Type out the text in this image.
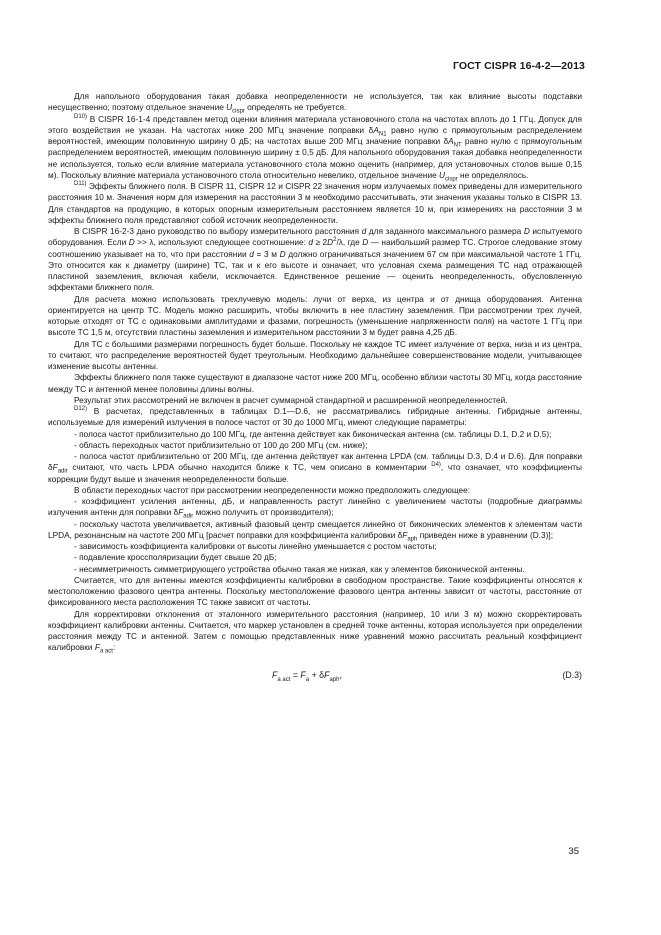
ГОСТ CISPR 16-4-2—2013

Для напольного оборудования такая добавка неопределенности не используется, так как влияние высоты подставки несущественно; поэтому отдельное значение $U_{cispr}$ определять не требуется.

$^{D10)}$ В CISPR 16-1-4 представлен метод оценки влияния материала установочного стола на частотах вплоть до 1 ГГц. Допуск для этого воздействия не указан. На частотах ниже 200 МГц значение поправки $\delta A_{N1}$ равно нулю с прямоугольным распределением вероятностей, имеющим половинную ширину 0 дБ; на частотах выше 200 МГц значение поправки $\delta A_{NT}$ равно нулю с прямоугольным распределением вероятностей, имеющим половинную ширину ± 0,5 дБ. Для напольного оборудования такая добавка неопределенности не используется, только если влияние материала установочного стола можно оценить (например, для установочных столов выше 0,15 м). Поскольку влияние материала установочного стола относительно невелико, отдельное значение $U_{cispr}$ не определялось.

$^{D11)}$ Эффекты ближнего поля. В CISPR 11, CISPR 12 и CISPR 22 значения норм излучаемых помех приведены для измерительного расстояния 10 м. Значения норм для измерения на расстоянии 3 м необходимо рассчитывать, эти значения указаны только в CISPR 13. Для стандартов на продукцию, в которых опорным измерительным расстоянием является 10 м, при измерениях на расстоянии 3 м эффекты ближнего поля представляют собой источник неопределенности.

В CISPR 16-2-3 дано руководство по выбору измерительного расстояния d для заданного максимального размера D испытуемого оборудования. Если D >> λ, используют следующее соотношение: $d \ge 2D^2/\lambda$, где D — наибольший размер ТС. Строгое следование этому соотношению указывает на то, что при расстоянии d = 3 м D должно ограничиваться значением 67 см при максимальной частоте 1 ГГц. Это относится как к диаметру (ширине) ТС, так и к его высоте и означает, что условная схема размещения ТС над отражающей пластиной заземления, включая кабели, исключается. Единственное решение — оценить неопределенность, обусловленную эффектами ближнего поля.

Для расчета можно использовать трехлучевую модель: лучи от верха, из центра и от днища оборудования. Антенна ориентируется на центр ТС. Модель можно расширить, чтобы включить в нее пластину заземления. При рассмотрении трех лучей, которые отходят от ТС с одинаковыми амплитудами и фазами, погрешность (уменьшение напряженности поля) на частоте 1 ГГц при высоте ТС 1,5 м, отсутствии пластины заземления и измерительном расстоянии 3 м будет равна 4,25 дБ.

Для ТС с большими размерами погрешность будет больше. Поскольку не каждое ТС имеет излучение от верха, низа и из центра, то считают, что распределение вероятностей будет треугольным. Необходимо дальнейшее совершенствование модели, учитывающее изменение высоты антенны.

Эффекты ближнего поля также существуют в диапазоне частот ниже 200 МГц, особенно вблизи частоты 30 МГц, когда расстояние между ТС и антенной менее половины длины волны.

Результат этих рассмотрений не включен в расчет суммарной стандартной и расширенной неопределенностей.

$^{D12)}$ В расчетах, представленных в таблицах D.1—D.6, не рассматривались гибридные антенны. Гибридные антенны, используемые для измерений излучения в полосе частот от 30 до 1000 МГц, имеют следующие параметры:

- полоса частот приблизительно до 100 МГц, где антенна действует как биконическая антенна (см. таблицы D.1, D.2 и D.5);

- область переходных частот приблизительно от 100 до 200 МГц (см. ниже);

- полоса частот приблизительно от 200 МГц, где антенна действует как антенна LPDA (см. таблицы D.3, D.4 и D.6). Для поправки $\delta F_{adir}$ считают, что часть LPDA обычно находится ближе к ТС, чем описано в комментарии $^{D4)}$, что означает, что коэффициенты коррекции будут выше и значения неопределенности больше.

В области переходных частот при рассмотрении неопределенности можно предположить следующее:

- коэффициент усиления антенны, дБ, и направленность растут линейно с увеличением частоты (подробные диаграммы излучения антенн для поправки $\delta F_{adir}$ можно получить от производителя);

- поскольку частота увеличивается, активный фазовый центр смещается линейно от биконических элементов к элементам части LPDA, резонансным на частоте 200 МГц [расчет поправки для коэффициента калибровки $\delta F_{aph}$ приведен ниже в уравнении (D.3)];

- зависимость коэффициента калибровки от высоты линейно уменьшается с ростом частоты;

- подавление кроссполяризации будет свыше 20 дБ;

- несимметричность симметрирующего устройства обычно такая же низкая, как у элементов биконической антенны.

Считается, что для антенны имеются коэффициенты калибровки в свободном пространстве. Такие коэффициенты относятся к местоположению фазового центра антенны. Поскольку местоположение фазового центра антенны зависит от частоты, расстояние от фиксированного места расположения ТС также зависит от частоты.

Для корректировки отклонения от эталонного измерительного расстояния (например, 10 или 3 м) можно скорректировать коэффициент калибровки антенны. Считается, что маркер установлен в средней точке антенны, которая используется при определении расстояния между ТС и антенной. Затем с помощью представленных ниже уравнений можно рассчитать реальный коэффициент калибровки $F_{a act}$:

$F_{a act} = F_a + \delta F_{aph}$,	(D.3)
35
